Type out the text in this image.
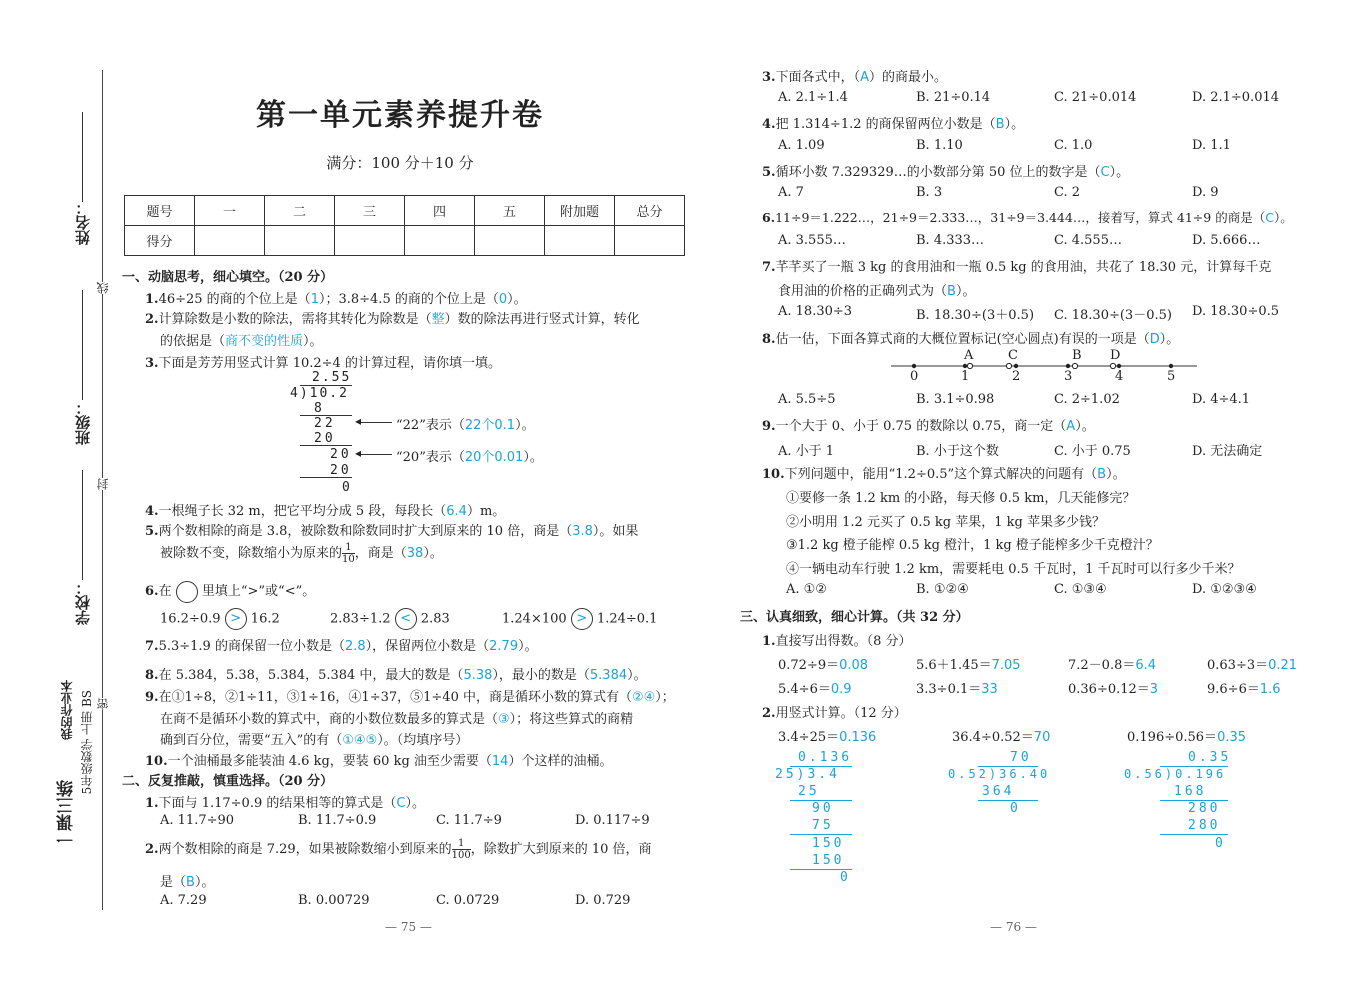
姓名：
班级：
学校：
线
封
密
一课三练
我的作业本 5年级数学 上册 BS
第一单元素养提升卷
满分：100 分＋10 分
题号	一	二	三	四	五	附加题	总分
得分							
一、动脑思考，细心填空。（20 分）
1.46÷25 的商的个位上是（1）；3.8÷4.5 的商的个位上是（0）。
2.计算除数是小数的除法，需将其转化为除数是（整）数的除法再进行竖式计算，转化
的依据是（商不变的性质）。
3.下面是芳芳用竖式计算 10.2÷4 的计算过程，请你填一填。
2.55
4)10.2
8
22
20
20
20
0
◂	“22”表示（22个0.1）。
◂	“20”表示（20个0.01）。
4.一根绳子长 32 m，把它平均分成 5 段，每段长（6.4）m。
5.两个数相除的商是 3.8，被除数和除数同时扩大到原来的 10 倍，商是（3.8）。如果
被除数不变，除数缩小为原来的 $\frac{1}{10}$ ，商是（38）。
6.在 里填上“>”或“<”。
16.2÷0.9 > 16.2	2.83÷1.2 < 2.83	1.24×100 > 1.24÷0.1
7.5.3÷1.9 的商保留一位小数是（2.8），保留两位小数是（2.79）。
8.在 5.384，5.38，5.384，5.384 中，最大的数是（5.38），最小的数是（5.384）。
9.在①1÷8，②1÷11，③1÷16，④1÷37，⑤1÷40 中，商是循环小数的算式有（②④）；
在商不是循环小数的算式中，商的小数位数最多的算式是（③）；将这些算式的商精
确到百分位，需要“五入”的有（①④⑤）。（均填序号）
10.一个油桶最多能装油 4.6 kg，要装 60 kg 油至少需要（14）个这样的油桶。
二、反复推敲，慎重选择。（20 分）
1.下面与 1.17÷0.9 的结果相等的算式是（C）。
A. 11.7÷90	B. 11.7÷0.9	C. 11.7÷9	D. 0.117÷9
2.两个数相除的商是 7.29，如果被除数缩小到原来的 $\frac{1}{100}$ ，除数扩大到原来的 10 倍，商
是（B）。
A. 7.29	B. 0.00729	C. 0.0729	D. 0.729
— 75 —
3.下面各式中，（A）的商最小。
A. 2.1÷1.4	B. 21÷0.14	C. 21÷0.014	D. 2.1÷0.014
4.把 1.314÷1.2 的商保留两位小数是（B）。
A. 1.09	B. 1.10	C. 1.0	D. 1.1
5.循环小数 7.329329…的小数部分第 50 位上的数字是（C）。
A. 7	B. 3	C. 2	D. 9
6.11÷9＝1.222…，21÷9＝2.333…，31÷9＝3.444…，接着写，算式 41÷9 的商是（C）。
A. 3.555…	B. 4.333…	C. 4.555…	D. 5.666…
7.芊芊买了一瓶 3 kg 的食用油和一瓶 0.5 kg 的食用油，共花了 18.30 元，计算每千克
食用油的价格的正确列式为（B）。
A. 18.30÷3	B. 18.30÷(3＋0.5) C. 18.30÷(3－0.5) D. 18.30÷0.5
8.估一估，下面各算式商的大概位置标记(空心圆点)有误的一项是（D）。
A	C	B D
0	1	2	3	4	5
A. 5.5÷5	B. 3.1÷0.98	C. 2÷1.02	D. 4÷4.1
9.一个大于 0、小于 0.75 的数除以 0.75，商一定（A）。
A. 小于 1	B. 小于这个数	C. 小于 0.75	D. 无法确定
10.下列问题中，能用“1.2÷0.5”这个算式解决的问题有（B）。
①要修一条 1.2 km 的小路，每天修 0.5 km，几天能修完？
②小明用 1.2 元买了 0.5 kg 苹果，1 kg 苹果多少钱？
③1.2 kg 橙子能榨 0.5 kg 橙汁，1 kg 橙子能榨多少千克橙汁？
④一辆电动车行驶 1.2 km，需要耗电 0.5 千瓦时，1 千瓦时可以行多少千米？
A. ①②	B. ①②④	C. ①③④	D. ①②③④
三、认真细致，细心计算。（共 32 分）
1.直接写出得数。（8 分）
0.72÷9＝0.08	5.6＋1.45＝7.05	7.2－0.8＝6.4	0.63÷3＝0.21
5.4÷6＝0.9	3.3÷0.1＝33	0.36÷0.12＝3	9.6÷6＝1.6
2.用竖式计算。（12 分）
3.4÷25＝0.136	36.4÷0.52＝70	0.196÷0.56＝0.35
0.136
25)3.4
25
90
75
150
150
0
70
0.52)36.40
364
0
0.35
0.56)0.196
168
280
280
0
— 76 —
